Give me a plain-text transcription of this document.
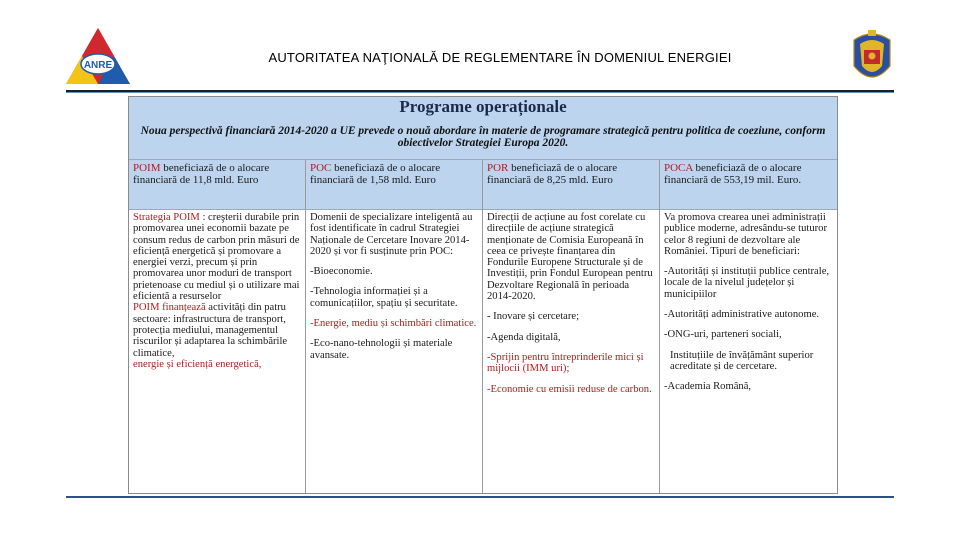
ANRE
AUTORITATEA NAŢIONALĂ DE REGLEMENTARE ÎN DOMENIUL ENERGIEI
Programe operaționale
Noua perspectivă financiară 2014-2020 a UE prevede o nouă abordare în materie de programare strategică pentru politica de coeziune, conform obiectivelor Strategiei Europa 2020.
POIM beneficiază de o alocare financiară de 11,8 mld. Euro

Strategia POIM : creşterii durabile prin promovarea unei economii bazate pe consum redus de carbon prin măsuri de eficiență energetică și promovare a energiei verzi, precum și prin promovarea unor moduri de transport prietenoase cu mediul și o utilizare mai eficientă a resurselor

POIM finanțează activități din patru sectoare: infrastructura de transport, protecția mediului, managementul riscurilor și adaptarea la schimbările climatice,

energie și eficiență energetică,

POC beneficiază de o alocare financiară de 1,58 mld. Euro

Domenii de specializare inteligentă au fost identificate în cadrul Strategiei Naționale de Cercetare Inovare 2014-2020 și vor fi susținute prin POC:

-Bioeconomie.

-Tehnologia informației și a comunicațiilor, spațiu și securitate.

-Energie, mediu și schimbări climatice.

-Eco-nano-tehnologii și materiale avansate.

POR beneficiază de o alocare financiară de 8,25 mld. Euro

Direcții de acțiune au fost corelate cu direcțiile de acțiune strategică menționate de Comisia Europeană în ceea ce privește finanțarea din Fondurile Europene Structurale și de Investiții, prin Fondul European pentru Dezvoltare Regională în perioada 2014-2020.

- Inovare și cercetare;

-Agenda digitală,

-Sprijin pentru întreprinderile mici și mijlocii (IMM uri);

-Economie cu emisii reduse de carbon.

POCA beneficiază de o alocare financiară de 553,19 mil. Euro.

Va promova crearea unei administrații publice moderne, adresându-se tuturor celor 8 regiuni de dezvoltare ale României. Tipuri de beneficiari:

-Autorități și instituții publice centrale, locale de la nivelul județelor și municipiilor

-Autorități administrative autonome.

-ONG-uri, parteneri sociali,

Instituțiile de învățământ superior acreditate și de cercetare.

-Academia Română,
